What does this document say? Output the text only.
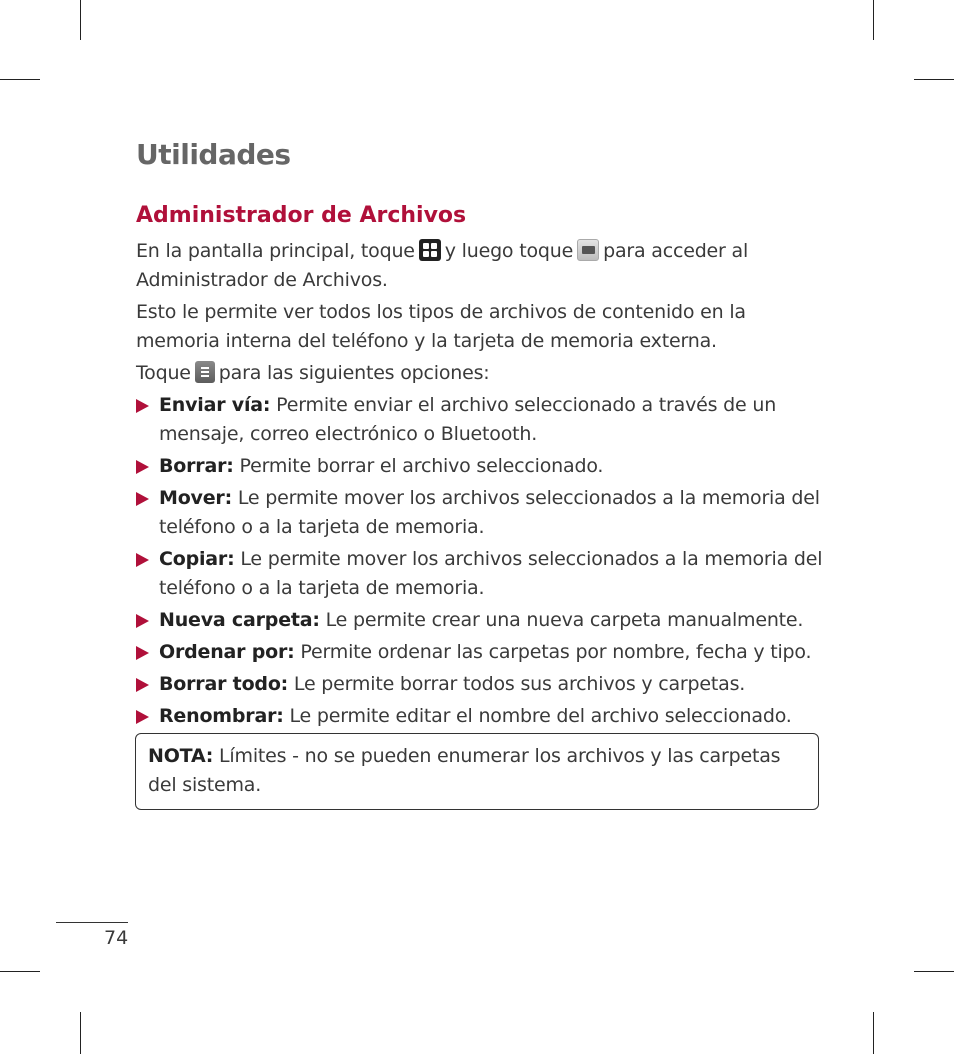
Utilidades
Administrador de Archivos

En la pantalla principal, toque y luego toque para acceder al Administrador de Archivos.

Esto le permite ver todos los tipos de archivos de contenido en la memoria interna del teléfono y la tarjeta de memoria externa.

Toque para las siguientes opciones:

Enviar vía: Permite enviar el archivo seleccionado a través de un mensaje, correo electrónico o Bluetooth.
Borrar: Permite borrar el archivo seleccionado.
Mover: Le permite mover los archivos seleccionados a la memoria del teléfono o a la tarjeta de memoria.
Copiar: Le permite mover los archivos seleccionados a la memoria del teléfono o a la tarjeta de memoria.
Nueva carpeta: Le permite crear una nueva carpeta manualmente.
Ordenar por: Permite ordenar las carpetas por nombre, fecha y tipo.
Borrar todo: Le permite borrar todos sus archivos y carpetas.
Renombrar: Le permite editar el nombre del archivo seleccionado.
NOTA: Límites - no se pueden enumerar los archivos y las carpetas del sistema.
74
